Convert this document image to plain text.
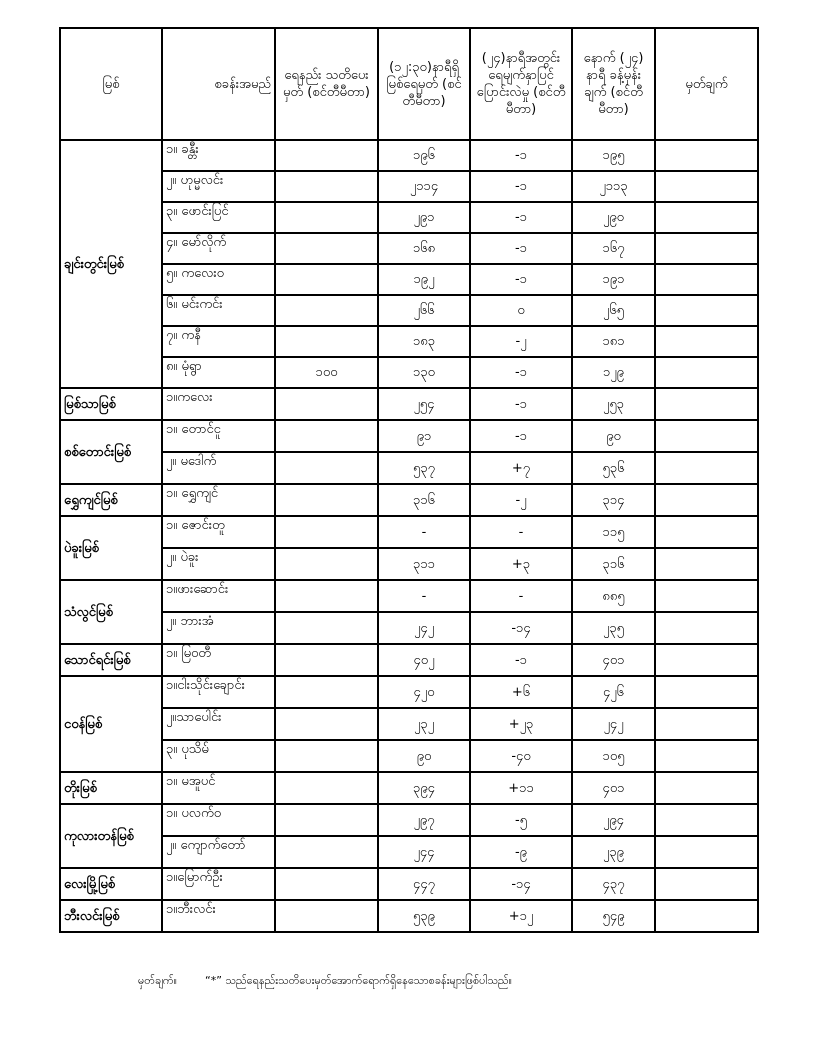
မြစ်	စခန်းအမည်	ရေနည်း သတိပေးမှတ် (စင်တီမီတာ)	(၁၂:၃၀)နာရီရှိ မြစ်ရေမှတ် (စင်တီမီတာ)	(၂၄)နာရီအတွင်း ရေမျက်နှာပြင် ပြောင်းလဲမှု (စင်တီမီတာ)	နောက် (၂၄) နာရီ ခန့်မှန်းချက် (စင်တီမီတာ)	မှတ်ချက်
ချင်းတွင်းမြစ်	၁။ ခန္တီး		၁၉၆	-၁	၁၉၅	
	၂။ ဟုမ္မလင်း		၂၁၁၄	-၁	၂၁၁၃	
	၃။ ဖောင်းပြင်		၂၉၁	-၁	၂၉၀	
	၄။ မော်လိုက်		၁၆၈	-၁	၁၆၇	
	၅။ ကလေးဝ		၁၉၂	-၁	၁၉၁	
	၆။ မင်းကင်း		၂၆၆	၀	၂၆၅	
	၇။ ကနီ		၁၈၃	-၂	၁၈၁	
	၈။ မုံရွာ	၁၀၀	၁၃၀	-၁	၁၂၉	
မြစ်သာမြစ်	၁။ကလေး		၂၅၄	-၁	၂၅၃	
စစ်တောင်းမြစ်	၁။ တောင်ငူ		၉၁	-၁	၉၀	
	၂။ မဒေါက်		၅၃၇	+၇	၅၃၆	
ရွှေကျင်မြစ်	၁။ ရွှေကျင်		၃၁၆	-၂	၃၁၄	
ပဲခူးမြစ်	၁။ ဇောင်းတူ		-	-	၁၁၅	
	၂။ ပဲခူး		၃၁၁	+၃	၃၁၆	
သံလွင်မြစ်	၁။ဖားဆောင်း		-	-	၈၈၅	
	၂။ ဘားအံ		၂၄၂	-၁၄	၂၃၅	
သောင်ရင်းမြစ်	၁။ မြဝတီ		၄၀၂	-၁	၄၀၁	
ငဝန်မြစ်	၁။ငါးသိုင်းချောင်း		၄၂၀	+၆	၄၂၆	
	၂။သာပေါင်း		၂၃၂	+၂၃	၂၄၂	
	၃။ ပုသိမ်		၉၀	-၄၀	၁၀၅	
တိုးမြစ်	၁။ မအူပင်		၃၉၄	+၁၁	၄၀၁	
ကုလားတန်မြစ်	၁။ ပလက်ဝ		၂၉၇	-၅	၂၉၄	
	၂။ ကျောက်တော်		၂၄၄	-၉	၂၃၉	
လေးမြို့မြစ်	၁။မြောက်ဦး		၄၄၇	-၁၄	၄၃၇	
ဘီးလင်းမြစ်	၁။ဘီးလင်း		၅၃၉	+၁၂	၅၄၉	
မှတ်ချက်။	“*” သည်ရေနည်းသတိပေးမှတ်အောက်ရောက်ရှိနေသောစခန်းများဖြစ်ပါသည်။
